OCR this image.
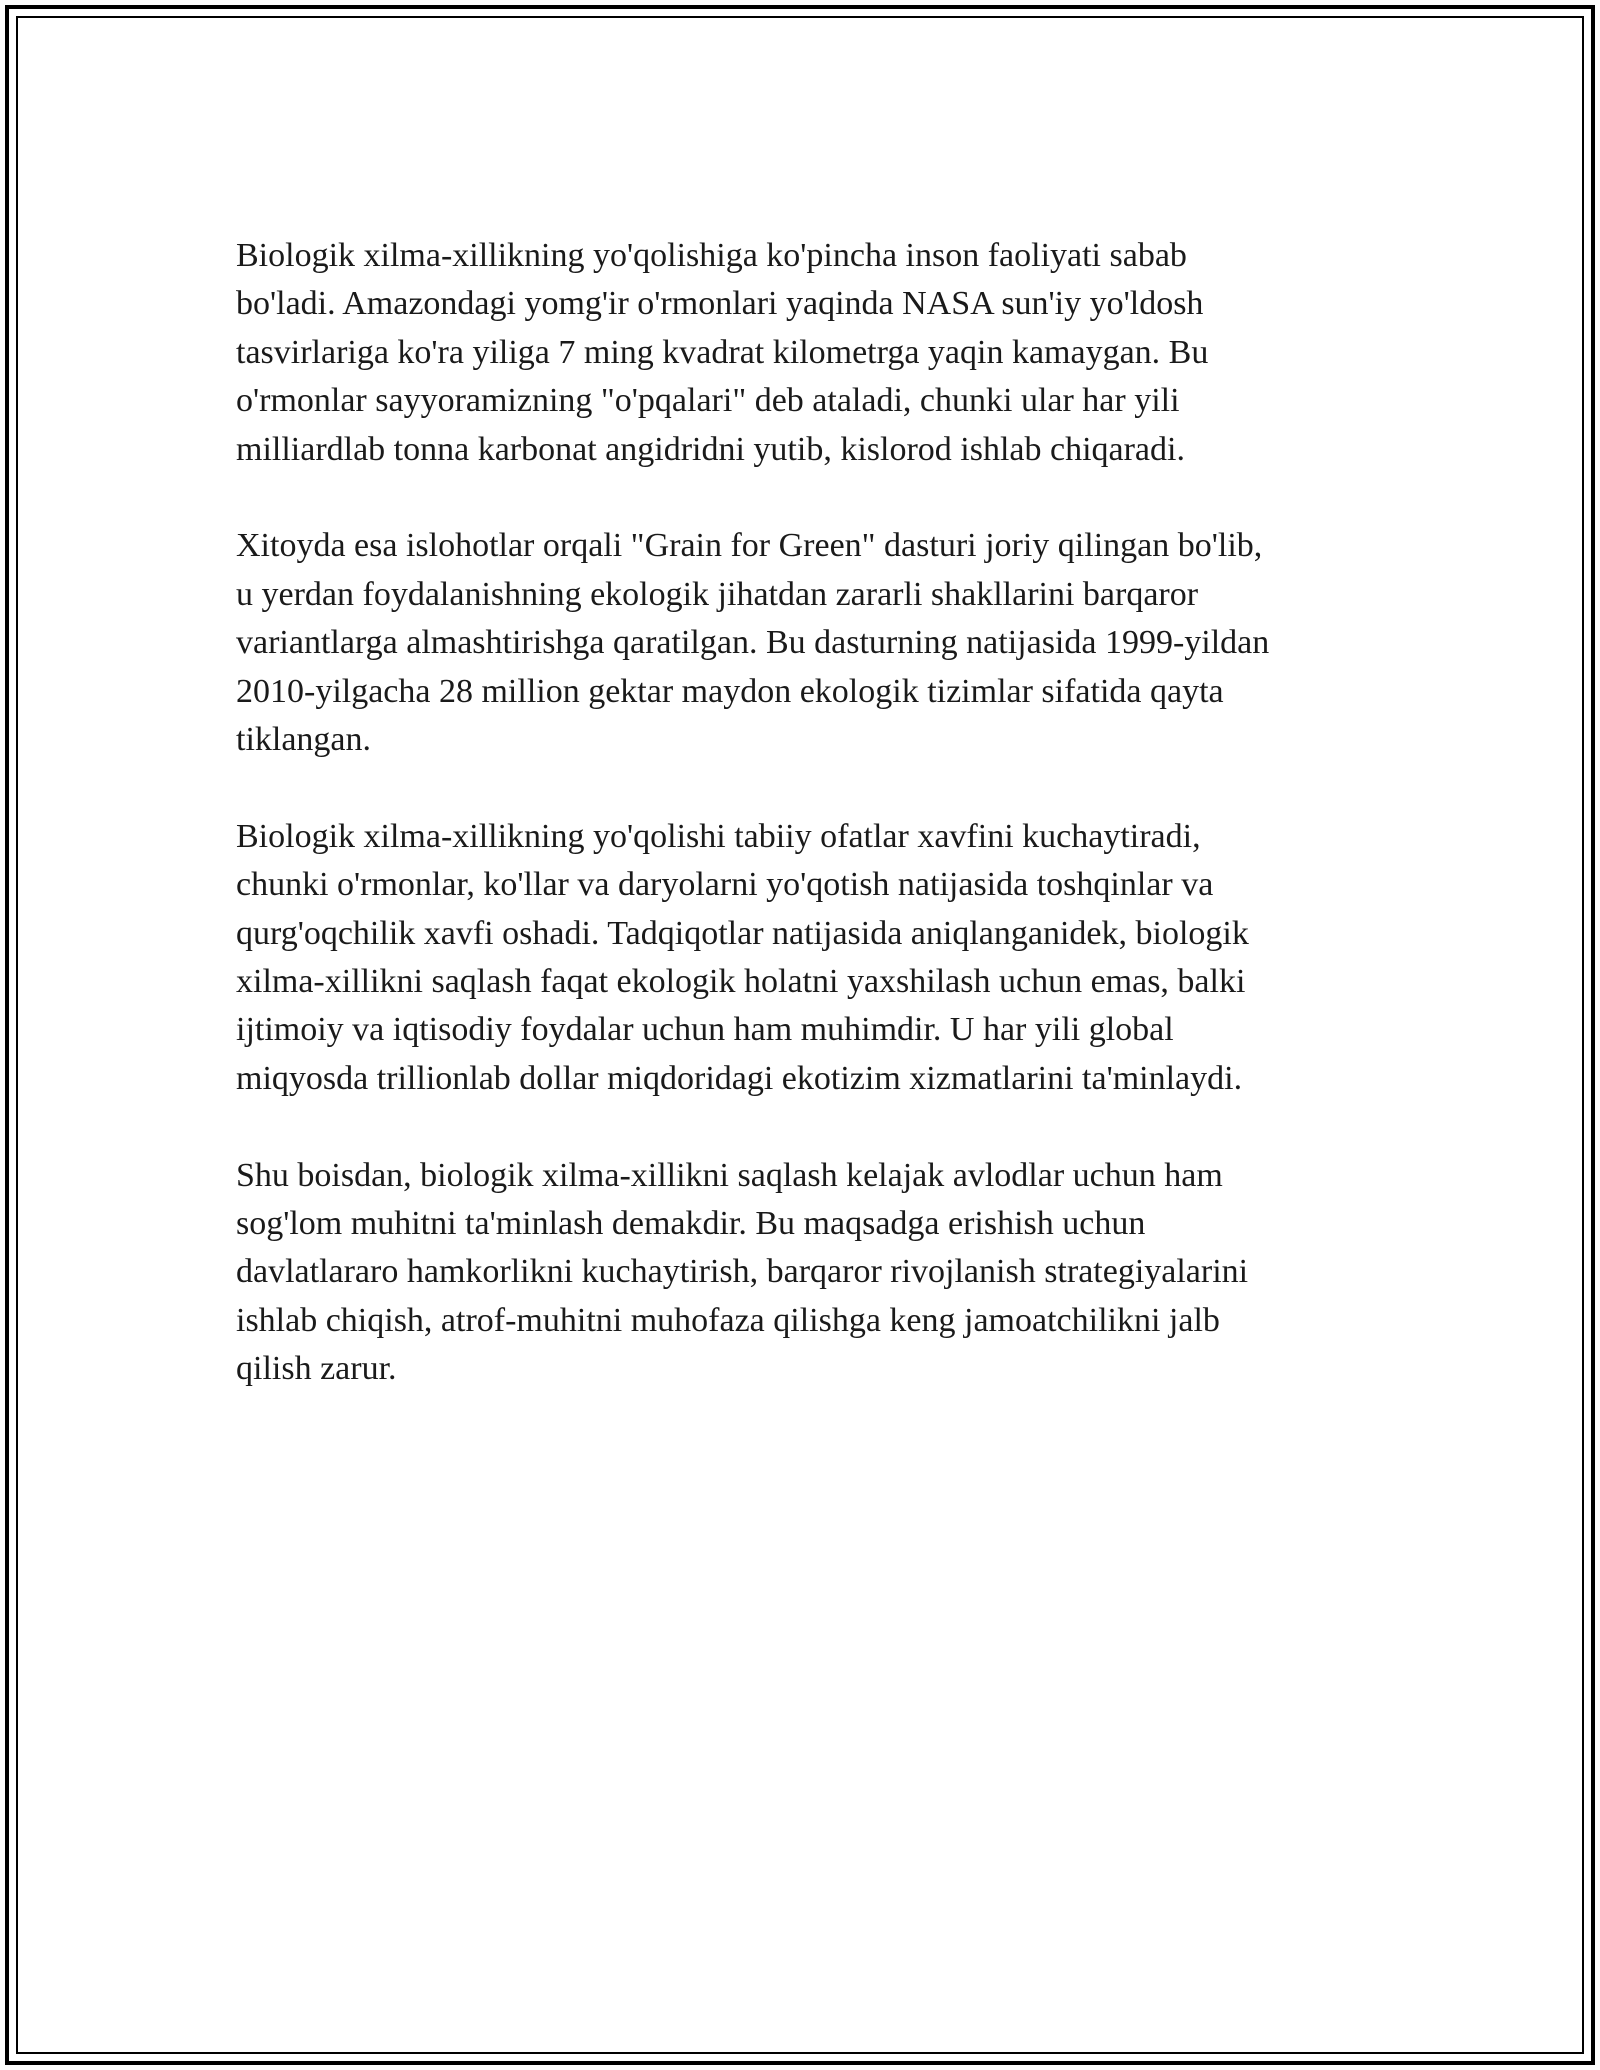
Biologik xilma-xillikning yo'qolishiga ko'pincha inson faoliyati sabab
bo'ladi. Amazondagi yomg'ir o'rmonlari yaqinda NASA sun'iy yo'ldosh
tasvirlariga ko'ra yiliga 7 ming kvadrat kilometrga yaqin kamaygan. Bu
o'rmonlar sayyoramizning "o'pqalari" deb ataladi, chunki ular har yili
milliardlab tonna karbonat angidridni yutib, kislorod ishlab chiqaradi.

Xitoyda esa islohotlar orqali "Grain for Green" dasturi joriy qilingan bo'lib,
u yerdan foydalanishning ekologik jihatdan zararli shakllarini barqaror
variantlarga almashtirishga qaratilgan. Bu dasturning natijasida 1999-yildan
2010-yilgacha 28 million gektar maydon ekologik tizimlar sifatida qayta
tiklangan.

Biologik xilma-xillikning yo'qolishi tabiiy ofatlar xavfini kuchaytiradi,
chunki o'rmonlar, ko'llar va daryolarni yo'qotish natijasida toshqinlar va
qurg'oqchilik xavfi oshadi. Tadqiqotlar natijasida aniqlanganidek, biologik
xilma-xillikni saqlash faqat ekologik holatni yaxshilash uchun emas, balki
ijtimoiy va iqtisodiy foydalar uchun ham muhimdir. U har yili global
miqyosda trillionlab dollar miqdoridagi ekotizim xizmatlarini ta'minlaydi.

Shu boisdan, biologik xilma-xillikni saqlash kelajak avlodlar uchun ham
sog'lom muhitni ta'minlash demakdir. Bu maqsadga erishish uchun
davlatlararo hamkorlikni kuchaytirish, barqaror rivojlanish strategiyalarini
ishlab chiqish, atrof-muhitni muhofaza qilishga keng jamoatchilikni jalb
qilish zarur.
